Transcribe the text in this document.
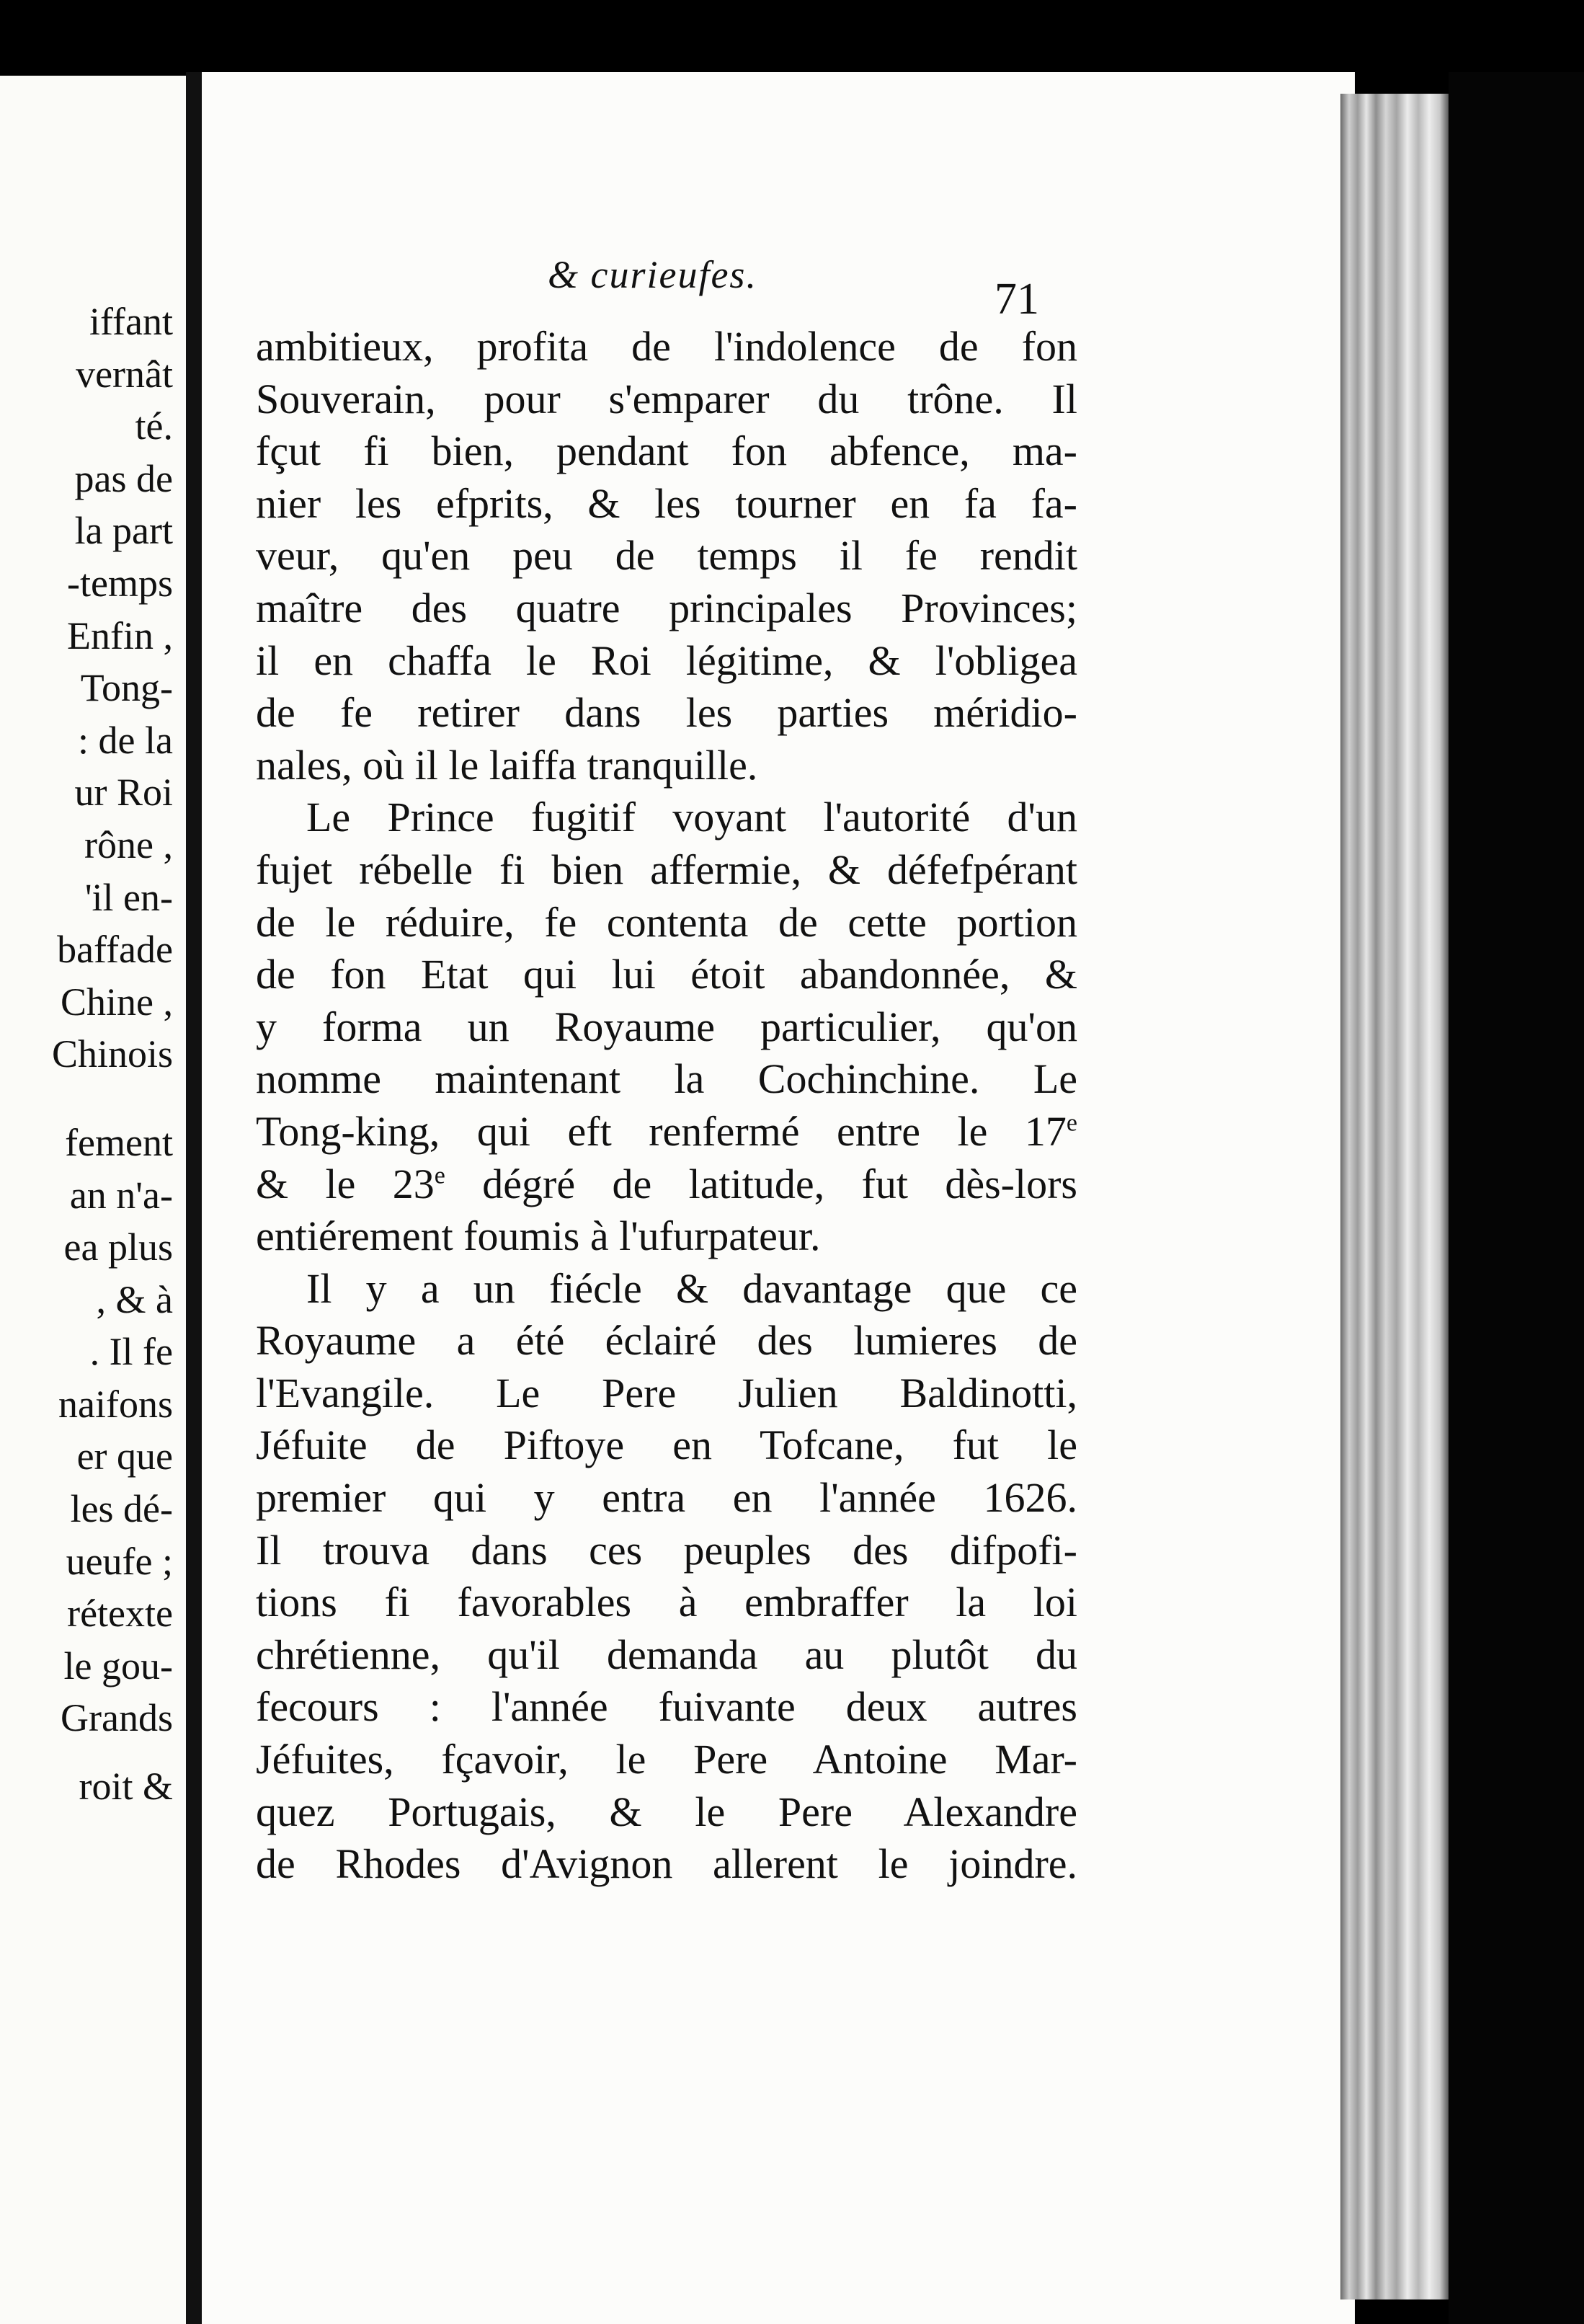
iffant
vernât
té.
pas de
la part
-temps
Enfin ,
Tong-
: de la
ur Roi
rône ,
'il en-
baffade
Chine ,
Chinois
fement
an n'a-
ea plus
, & à
. Il fe
naifons
er que
les dé-
ueufe ;
rétexte
le gou-
Grands
roit &
& curieufes.	71
ambitieux, profita de l'indolence de fon
Souverain, pour s'emparer du trône. Il
fçut fi bien, pendant fon abfence, ma-
nier les efprits, & les tourner en fa fa-
veur, qu'en peu de temps il fe rendit
maître des quatre principales Provinces;
il en chaffa le Roi légitime, & l'obligea
de fe retirer dans les parties méridio-
nales, où il le laiffa tranquille.
Le Prince fugitif voyant l'autorité d'un
fujet rébelle fi bien affermie, & défefpérant
de le réduire, fe contenta de cette portion
de fon Etat qui lui étoit abandonnée, &
y forma un Royaume particulier, qu'on
nomme maintenant la Cochinchine. Le
Tong-king, qui eft renfermé entre le 17e
& le 23e dégré de latitude, fut dès-lors
entiérement foumis à l'ufurpateur.
Il y a un fiécle & davantage que ce
Royaume a été éclairé des lumieres de
l'Evangile. Le Pere Julien Baldinotti,
Jéfuite de Piftoye en Tofcane, fut le
premier qui y entra en l'année 1626.
Il trouva dans ces peuples des difpofi-
tions fi favorables à embraffer la loi
chrétienne, qu'il demanda au plutôt du
fecours : l'année fuivante deux autres
Jéfuites, fçavoir, le Pere Antoine Mar-
quez Portugais, & le Pere Alexandre
de Rhodes d'Avignon allerent le joindre.
